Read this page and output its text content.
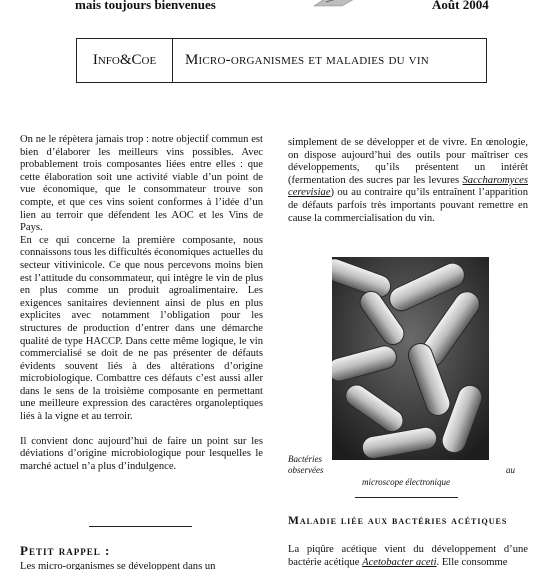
mais toujours bienvenues	Août 2004
Info&Coe	Micro-organismes et maladies du vin

On ne le répètera jamais trop : notre objectif commun est bien d’élaborer les meilleurs vins possibles. Avec probablement trois composantes liées entre elles : que cette élaboration soit une activité viable d’un point de vue économique, que le consommateur trouve son compte, et que ces vins soient conformes à l’idée d’un lien au terroir que défendent les AOC et les Vins de Pays.

En ce qui concerne la première composante, nous connaissons tous les difficultés économiques actuelles du secteur vitivinicole. Ce que nous percevons moins bien est l’attitude du consommateur, qui intègre le vin de plus en plus comme un produit agroalimentaire. Les exigences sanitaires deviennent ainsi de plus en plus explicites avec notamment l’obligation pour les structures de production d’entrer dans une démarche qualité de type HACCP. Dans cette même logique, le vin commercialisé se doit de ne pas présenter de défauts évidents souvent liés à des altérations d’origine microbiologique. Combattre ces défauts c’est aussi aller dans le sens de la troisième composante en permettant une meilleure expression des caractères organoleptiques liés à la vigne et au terroir.

Il convient donc aujourd’hui de faire un point sur les déviations d’origine microbiologique pour lesquelles le marché actuel n’a plus d’indulgence.

Petit rappel :
Les micro-organismes se développent dans un
simplement de se développer et de vivre. En œnologie, on dispose aujourd’hui des outils pour maîtriser ces développements, qu’ils présentent un intérêt (fermentation des sucres par les levures Saccharomyces cerevisiae) ou au contraire qu’ils entraînent l’apparition de défauts parfois très importants pouvant remettre en cause la commercialisation du vin.
Bactéries
observées	au
microscope électronique
Maladie liée aux bactéries acétiques
La piqûre acétique vient du développement d’une bactérie acétique Acetobacter aceti. Elle consomme
